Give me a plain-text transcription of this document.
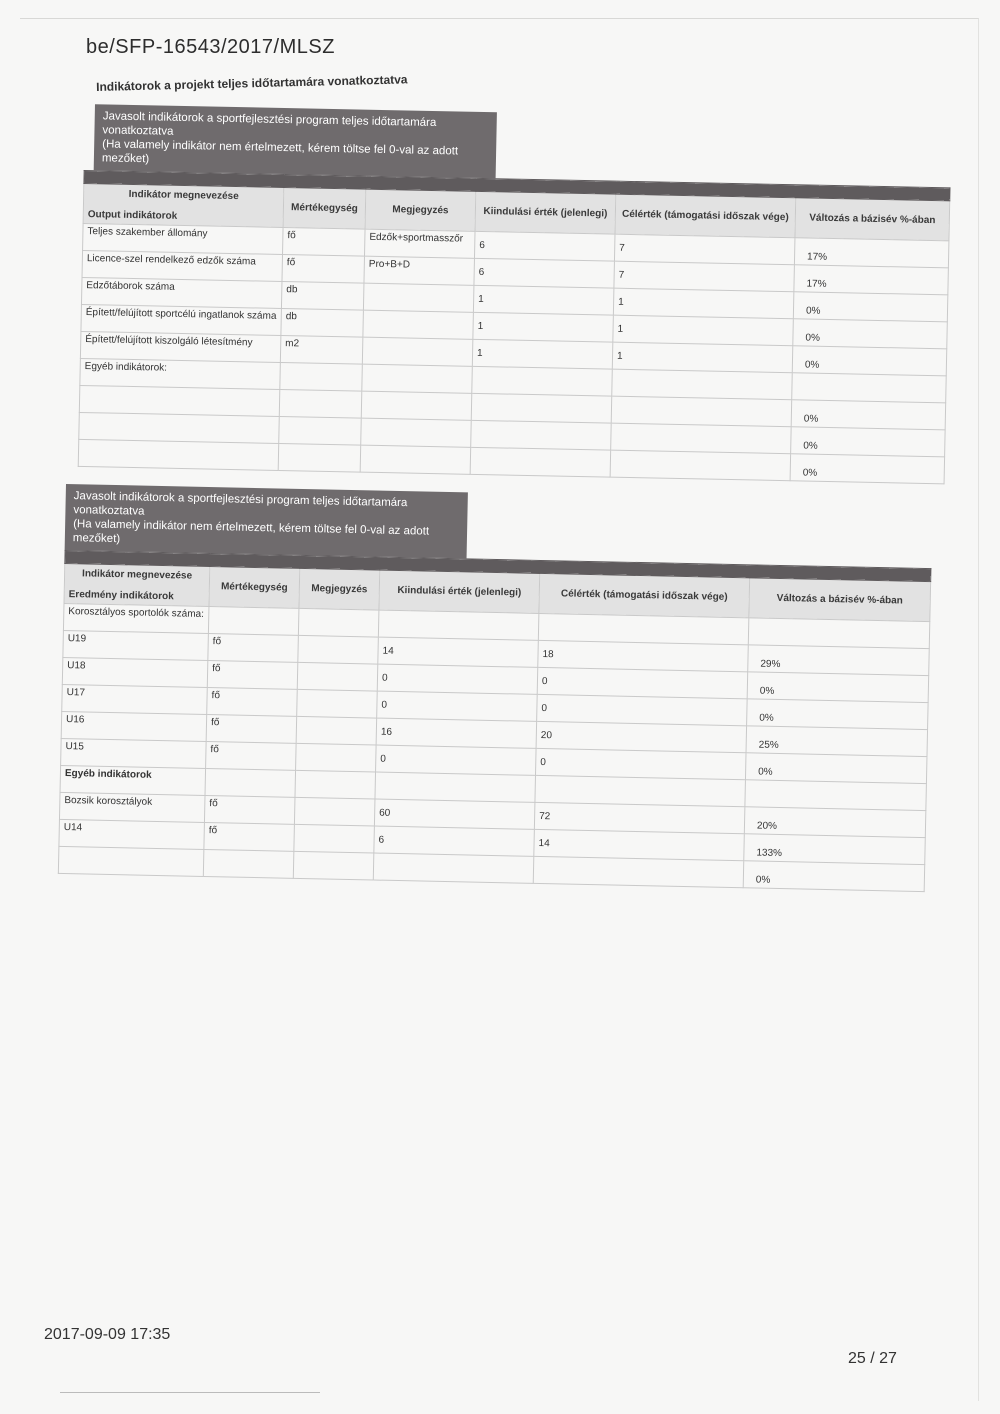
be/SFP-16543/2017/MLSZ
Indikátorok a projekt teljes időtartamára vonatkoztatva
Javasolt indikátorok a sportfejlesztési program teljes időtartamára vonatkoztatva
(Ha valamely indikátor nem értelmezett, kérem töltse fel 0-val az adott mezőket)

Indikátor megnevezése
Output indikátorok	Mértékegység	Megjegyzés	Kiindulási érték (jelenlegi)	Célérték (támogatási időszak vége)	Változás a bázisév %-ában
Teljes szakember állomány	fő	Edzők+sportmasszőr	6	7	17%
Licence-szel rendelkező edzők száma	fő	Pro+B+D	6	7	17%
Edzőtáborok száma	db		1	1	0%
Épített/felújított sportcélú ingatlanok száma	db		1	1	0%
Épített/felújított kiszolgáló létesítmény	m2		1	1	0%
Egyéb indikátorok:					
					0%
					0%
					0%
Javasolt indikátorok a sportfejlesztési program teljes időtartamára vonatkoztatva
(Ha valamely indikátor nem értelmezett, kérem töltse fel 0-val az adott mezőket)

Indikátor megnevezése
Eredmény indikátorok	Mértékegység	Megjegyzés	Kiindulási érték (jelenlegi)	Célérték (támogatási időszak vége)	Változás a bázisév %-ában
Korosztályos sportolók száma:					
U19	fő		14	18	29%
U18	fő		0	0	0%
U17	fő		0	0	0%
U16	fő		16	20	25%
U15	fő		0	0	0%
Egyéb indikátorok					
Bozsik korosztályok	fő		60	72	20%
U14	fő		6	14	133%
					0%
2017-09-09 17:35
25 / 27
